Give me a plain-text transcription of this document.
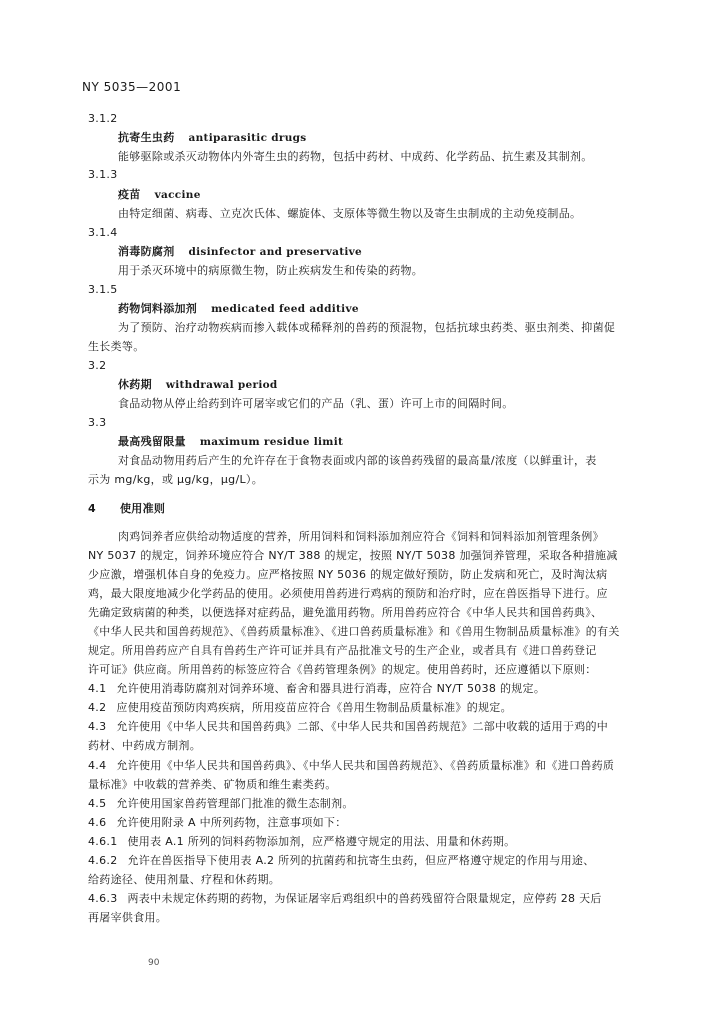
NY 5035—2001
3.1.2
抗寄生虫药 antiparasitic drugs
能够驱除或杀灭动物体内外寄生虫的药物，包括中药材、中成药、化学药品、抗生素及其制剂。
3.1.3
疫苗 vaccine
由特定细菌、病毒、立克次氏体、螺旋体、支原体等微生物以及寄生虫制成的主动免疫制品。
3.1.4
消毒防腐剂 disinfector and preservative
用于杀灭环境中的病原微生物，防止疾病发生和传染的药物。
3.1.5
药物饲料添加剂 medicated feed additive
为了预防、治疗动物疾病而掺入载体或稀释剂的兽药的预混物，包括抗球虫药类、驱虫剂类、抑菌促
生长类等。
3.2
休药期 withdrawal period
食品动物从停止给药到许可屠宰或它们的产品（乳、蛋）许可上市的间隔时间。
3.3
最高残留限量 maximum residue limit
对食品动物用药后产生的允许存在于食物表面或内部的该兽药残留的最高量/浓度（以鲜重计，表
示为 mg/kg，或 μg/kg，μg/L）。
4 使用准则
肉鸡饲养者应供给动物适度的营养，所用饲料和饲料添加剂应符合《饲料和饲料添加剂管理条例》
NY 5037 的规定，饲养环境应符合 NY/T 388 的规定，按照 NY/T 5038 加强饲养管理，采取各种措施减
少应激，增强机体自身的免疫力。应严格按照 NY 5036 的规定做好预防，防止发病和死亡，及时淘汰病
鸡，最大限度地减少化学药品的使用。必须使用兽药进行鸡病的预防和治疗时，应在兽医指导下进行。应
先确定致病菌的种类，以便选择对症药品，避免滥用药物。所用兽药应符合《中华人民共和国兽药典》、
《中华人民共和国兽药规范》、《兽药质量标准》、《进口兽药质量标准》和《兽用生物制品质量标准》的有关
规定。所用兽药应产自具有兽药生产许可证并具有产品批准文号的生产企业，或者具有《进口兽药登记
许可证》供应商。所用兽药的标签应符合《兽药管理条例》的规定。使用兽药时，还应遵循以下原则：
4.1 允许使用消毒防腐剂对饲养环境、畜舍和器具进行消毒，应符合 NY/T 5038 的规定。
4.2 应使用疫苗预防肉鸡疾病，所用疫苗应符合《兽用生物制品质量标准》的规定。
4.3 允许使用《中华人民共和国兽药典》二部、《中华人民共和国兽药规范》二部中收载的适用于鸡的中
药材、中药成方制剂。
4.4 允许使用《中华人民共和国兽药典》、《中华人民共和国兽药规范》、《兽药质量标准》和《进口兽药质
量标准》中收载的营养类、矿物质和维生素类药。
4.5 允许使用国家兽药管理部门批准的微生态制剂。
4.6 允许使用附录 A 中所列药物，注意事项如下：
4.6.1 使用表 A.1 所列的饲料药物添加剂，应严格遵守规定的用法、用量和休药期。
4.6.2 允许在兽医指导下使用表 A.2 所列的抗菌药和抗寄生虫药，但应严格遵守规定的作用与用途、
给药途径、使用剂量、疗程和休药期。
4.6.3 两表中未规定休药期的药物，为保证屠宰后鸡组织中的兽药残留符合限量规定，应停药 28 天后
再屠宰供食用。
90
